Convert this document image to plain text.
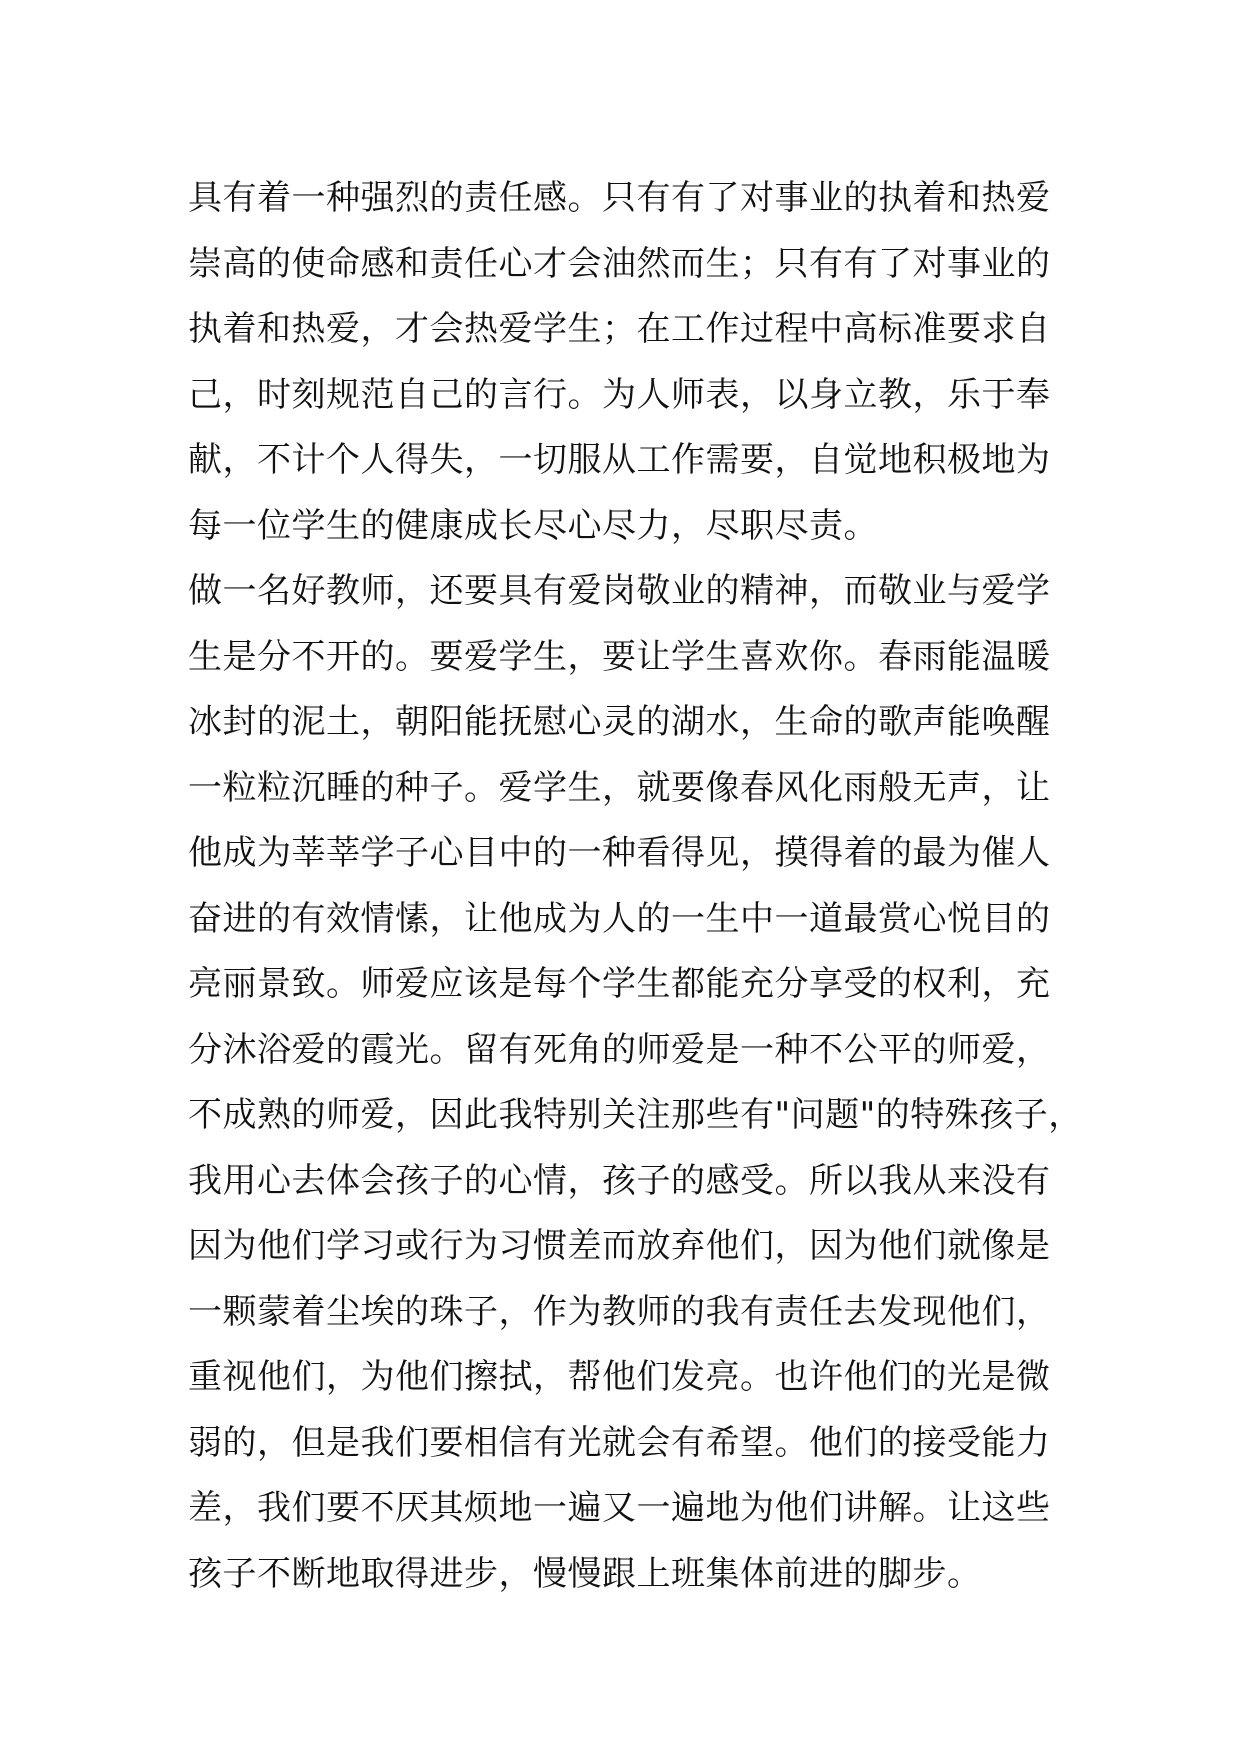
具有着一种强烈的责任感。只有有了对事业的执着和热爱
崇高的使命感和责任心才会油然而生；只有有了对事业的
执着和热爱，才会热爱学生；在工作过程中高标准要求自
己，时刻规范自己的言行。为人师表，以身立教，乐于奉
献，不计个人得失，一切服从工作需要，自觉地积极地为
每一位学生的健康成长尽心尽力，尽职尽责。
做一名好教师，还要具有爱岗敬业的精神，而敬业与爱学
生是分不开的。要爱学生，要让学生喜欢你。春雨能温暖
冰封的泥土，朝阳能抚慰心灵的湖水，生命的歌声能唤醒
一粒粒沉睡的种子。爱学生，就要像春风化雨般无声，让
他成为莘莘学子心目中的一种看得见，摸得着的最为催人
奋进的有效情愫，让他成为人的一生中一道最赏心悦目的
亮丽景致。师爱应该是每个学生都能充分享受的权利，充
分沐浴爱的霞光。留有死角的师爱是一种不公平的师爱，
不成熟的师爱，因此我特别关注那些有"问题"的特殊孩子，
我用心去体会孩子的心情，孩子的感受。所以我从来没有
因为他们学习或行为习惯差而放弃他们，因为他们就像是
一颗蒙着尘埃的珠子，作为教师的我有责任去发现他们，
重视他们，为他们擦拭，帮他们发亮。也许他们的光是微
弱的，但是我们要相信有光就会有希望。他们的接受能力
差，我们要不厌其烦地一遍又一遍地为他们讲解。让这些
孩子不断地取得进步，慢慢跟上班集体前进的脚步。
